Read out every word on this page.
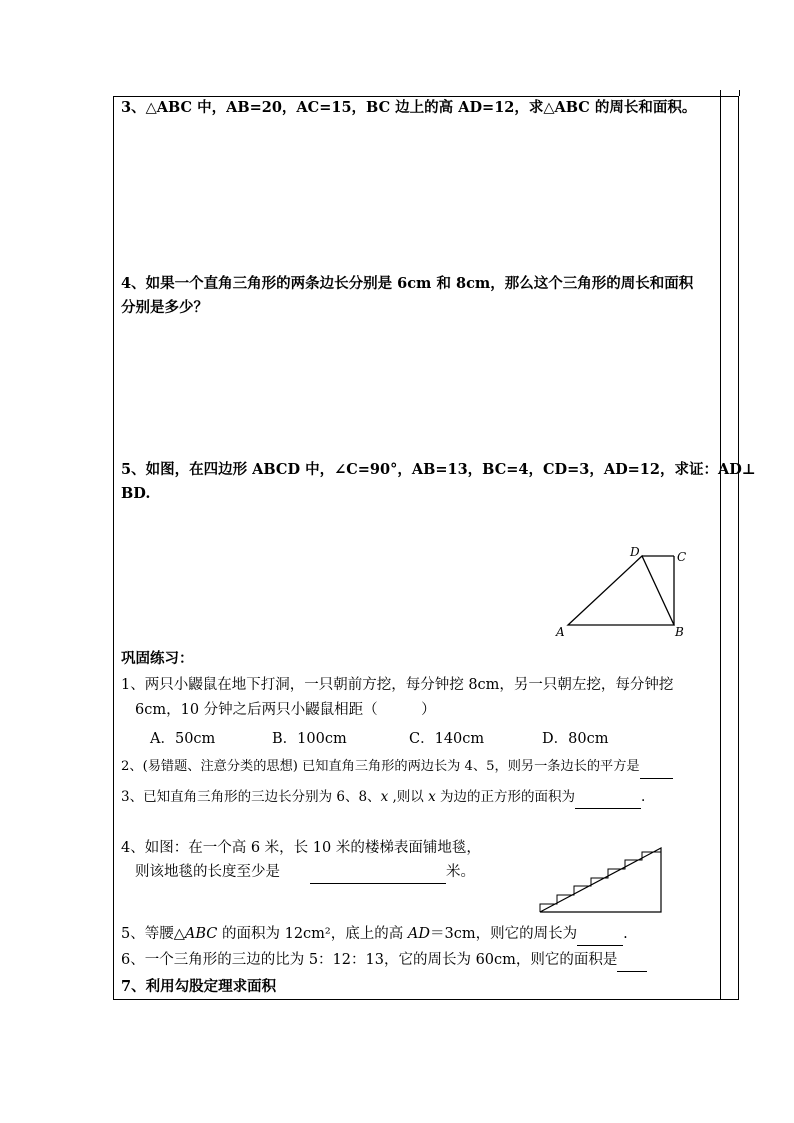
3、△ABC 中，AB=20，AC=15，BC 边上的高 AD=12，求△ABC 的周长和面积。
4、如果一个直角三角形的两条边长分别是 6cm 和 8cm，那么这个三角形的周长和面积
分别是多少？
5、如图，在四边形 ABCD 中，∠C=90°，AB=13，BC=4，CD=3，AD=12，求证：AD⊥
BD.
A	B
C
D
巩固练习：
1、两只小鼹鼠在地下打洞，一只朝前方挖，每分钟挖 8cm，另一只朝左挖，每分钟挖
6cm，10 分钟之后两只小鼹鼠相距（　　　）
A．50cm	B．100cm	C．140cm	D．80cm
2、(易错题、注意分类的思想) 已知直角三角形的两边长为 4、5，则另一条边长的平方是
3、已知直角三角形的三边长分别为 6、8、x ,则以 x 为边的正方形的面积为	.
4、如图：在一个高 6 米，长 10 米的楼梯表面铺地毯，
则该地毯的长度至少是	米。
5、等腰△ABC 的面积为 12cm²，底上的高 AD＝3cm，则它的周长为	.
6、一个三角形的三边的比为 5：12：13，它的周长为 60cm，则它的面积是
7、利用勾股定理求面积
